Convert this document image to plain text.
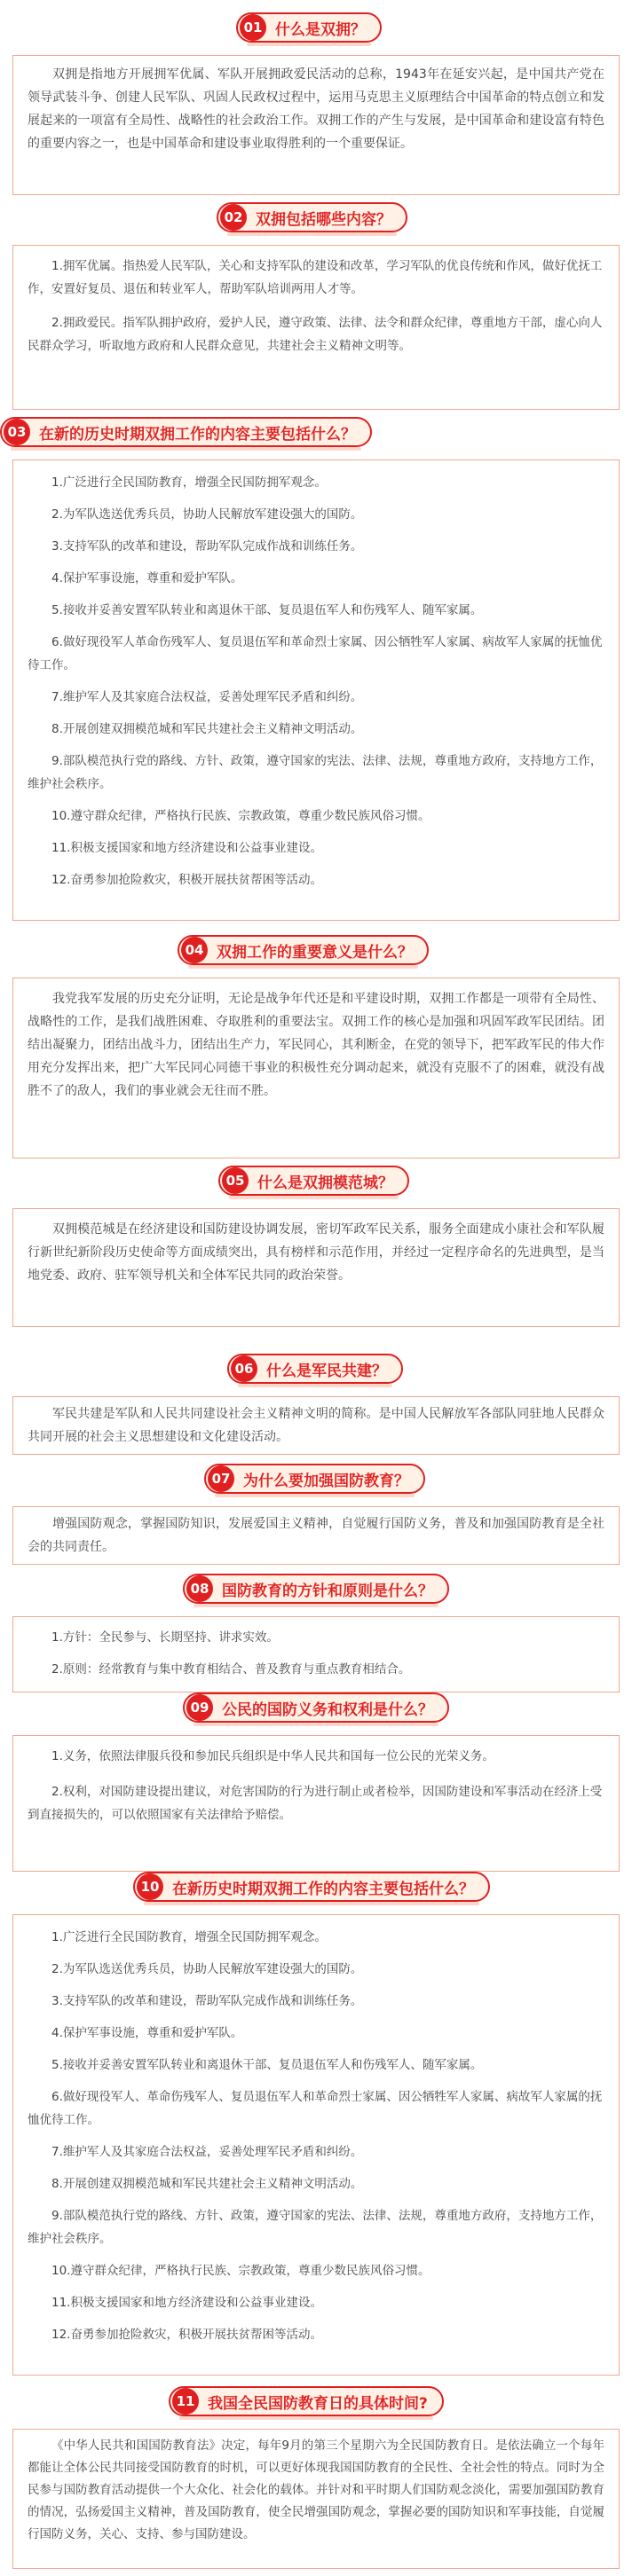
01 什么是双拥？

双拥是指地方开展拥军优属、军队开展拥政爱民活动的总称，1943年在延安兴起，是中国共产党在领导武装斗争、创建人民军队、巩固人民政权过程中，运用马克思主义原理结合中国革命的特点创立和发展起来的一项富有全局性、战略性的社会政治工作。双拥工作的产生与发展，是中国革命和建设富有特色的重要内容之一，也是中国革命和建设事业取得胜利的一个重要保证。

02 双拥包括哪些内容？
1.拥军优属。指热爱人民军队，关心和支持军队的建设和改革，学习军队的优良传统和作风，做好优抚工作，安置好复员、退伍和转业军人，帮助军队培训两用人才等。
2.拥政爱民。指军队拥护政府，爱护人民，遵守政策、法律、法令和群众纪律，尊重地方干部，虚心向人民群众学习，听取地方政府和人民群众意见，共建社会主义精神文明等。
03 在新的历史时期双拥工作的内容主要包括什么？
1.广泛进行全民国防教育，增强全民国防拥军观念。
2.为军队选送优秀兵员，协助人民解放军建设强大的国防。
3.支持军队的改革和建设，帮助军队完成作战和训练任务。
4.保护军事设施，尊重和爱护军队。
5.接收并妥善安置军队转业和离退休干部、复员退伍军人和伤残军人、随军家属。
6.做好现役军人革命伤残军人、复员退伍军和革命烈士家属、因公牺牲军人家属、病故军人家属的抚恤优待工作。
7.维护军人及其家庭合法权益，妥善处理军民矛盾和纠纷。
8.开展创建双拥模范城和军民共建社会主义精神文明活动。
9.部队模范执行党的路线、方针、政策，遵守国家的宪法、法律、法规，尊重地方政府，支持地方工作，维护社会秩序。
10.遵守群众纪律，严格执行民族、宗教政策，尊重少数民族风俗习惯。
11.积极支援国家和地方经济建设和公益事业建设。
12.奋勇参加抢险救灾，积极开展扶贫帮困等活动。
04 双拥工作的重要意义是什么？

我党我军发展的历史充分证明，无论是战争年代还是和平建设时期，双拥工作都是一项带有全局性、战略性的工作，是我们战胜困难、夺取胜利的重要法宝。双拥工作的核心是加强和巩固军政军民团结。团结出凝聚力，团结出战斗力，团结出生产力，军民同心，其利断金，在党的领导下，把军政军民的伟大作用充分发挥出来，把广大军民同心同德干事业的积极性充分调动起来，就没有克服不了的困难，就没有战胜不了的敌人，我们的事业就会无往而不胜。

05 什么是双拥模范城？

双拥模范城是在经济建设和国防建设协调发展，密切军政军民关系，服务全面建成小康社会和军队履行新世纪新阶段历史使命等方面成绩突出，具有榜样和示范作用，并经过一定程序命名的先进典型，是当地党委、政府、驻军领导机关和全体军民共同的政治荣誉。

06 什么是军民共建？

军民共建是军队和人民共同建设社会主义精神文明的简称。是中国人民解放军各部队同驻地人民群众共同开展的社会主义思想建设和文化建设活动。

07 为什么要加强国防教育？

增强国防观念，掌握国防知识，发展爱国主义精神，自觉履行国防义务，普及和加强国防教育是全社会的共同责任。

08 国防教育的方针和原则是什么？
1.方针：全民参与、长期坚持、讲求实效。
2.原则：经常教育与集中教育相结合、普及教育与重点教育相结合。
09 公民的国防义务和权利是什么？
1.义务，依照法律服兵役和参加民兵组织是中华人民共和国每一位公民的光荣义务。
2.权利，对国防建设提出建议，对危害国防的行为进行制止或者检举，因国防建设和军事活动在经济上受到直接损失的，可以依照国家有关法律给予赔偿。
10 在新历史时期双拥工作的内容主要包括什么？
1.广泛进行全民国防教育，增强全民国防拥军观念。
2.为军队选送优秀兵员，协助人民解放军建设强大的国防。
3.支持军队的改革和建设，帮助军队完成作战和训练任务。
4.保护军事设施，尊重和爱护军队。
5.接收并妥善安置军队转业和离退休干部、复员退伍军人和伤残军人、随军家属。
6.做好现役军人、革命伤残军人、复员退伍军人和革命烈士家属、因公牺牲军人家属、病故军人家属的抚恤优待工作。
7.维护军人及其家庭合法权益，妥善处理军民矛盾和纠纷。
8.开展创建双拥模范城和军民共建社会主义精神文明活动。
9.部队模范执行党的路线、方针、政策，遵守国家的宪法、法律、法规，尊重地方政府，支持地方工作，维护社会秩序。
10.遵守群众纪律，严格执行民族、宗教政策，尊重少数民族风俗习惯。
11.积极支援国家和地方经济建设和公益事业建设。
12.奋勇参加抢险救灾，积极开展扶贫帮困等活动。
11 我国全民国防教育日的具体时间?

《中华人民共和国国防教育法》决定，每年9月的第三个星期六为全民国防教育日。是依法确立一个每年都能让全体公民共同接受国防教育的时机，可以更好体现我国国防教育的全民性、全社会性的特点。同时为全民参与国防教育活动提供一个大众化、社会化的载体。并针对和平时期人们国防观念淡化，需要加强国防教育的情况，弘扬爱国主义精神，普及国防教育，使全民增强国防观念，掌握必要的国防知识和军事技能，自觉履行国防义务，关心、支持、参与国防建设。
